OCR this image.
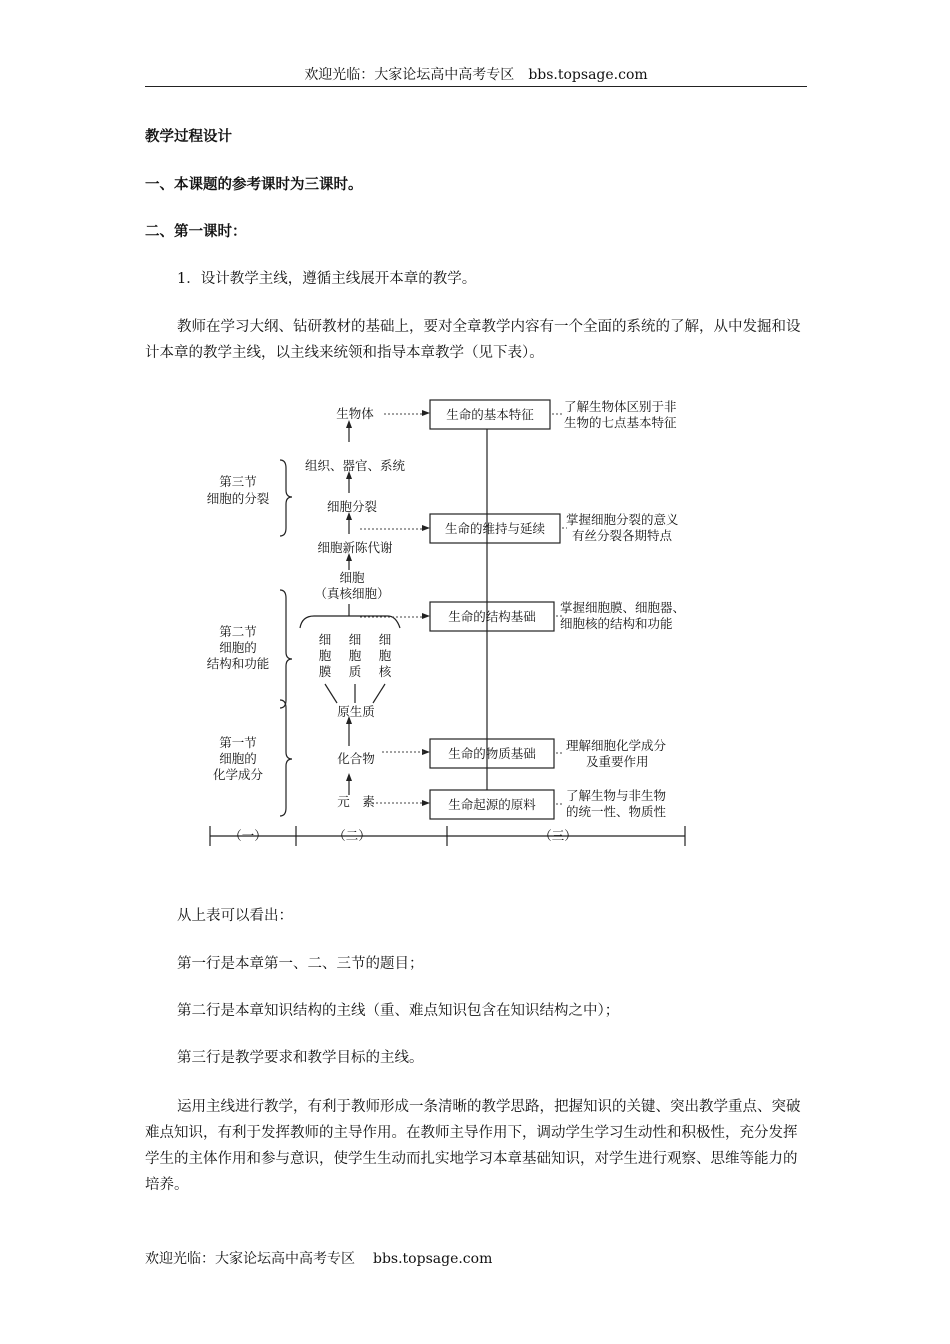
欢迎光临：大家论坛高中高考专区 bbs.topsage.com

教学过程设计

一、本课题的参考课时为三课时。

二、第一课时：

1．设计教学主线，遵循主线展开本章的教学。

教师在学习大纲、钻研教材的基础上，要对全章教学内容有一个全面的系统的了解，从中发掘和设计本章的教学主线，以主线来统领和指导本章教学（见下表）。

第三节
细胞的分裂
第二节
细胞的
结构和功能
第一节
细胞的
化学成分
生物体
组织、器官、系统
细胞分裂
细胞新陈代谢
细胞
（真核细胞）
细
胞
膜
细
胞
质
细
胞
核
原生质
化合物
元　素
生命的基本特征
生命的维持与延续
生命的结构基础
生命的物质基础
生命起源的原料
了解生物体区别于非
生物的七点基本特征
掌握细胞分裂的意义
有丝分裂各期特点
掌握细胞膜、细胞器、
细胞核的结构和功能
理解细胞化学成分
及重要作用
了解生物与非生物
的统一性、物质性
（一）	（二）	（三）

从上表可以看出：

第一行是本章第一、二、三节的题目；

第二行是本章知识结构的主线（重、难点知识包含在知识结构之中）；

第三行是教学要求和教学目标的主线。

运用主线进行教学，有利于教师形成一条清晰的教学思路，把握知识的关键、突出教学重点、突破难点知识，有利于发挥教师的主导作用。在教师主导作用下，调动学生学习生动性和积极性，充分发挥学生的主体作用和参与意识，使学生生动而扎实地学习本章基础知识，对学生进行观察、思维等能力的培养。

欢迎光临：大家论坛高中高考专区 bbs.topsage.com
